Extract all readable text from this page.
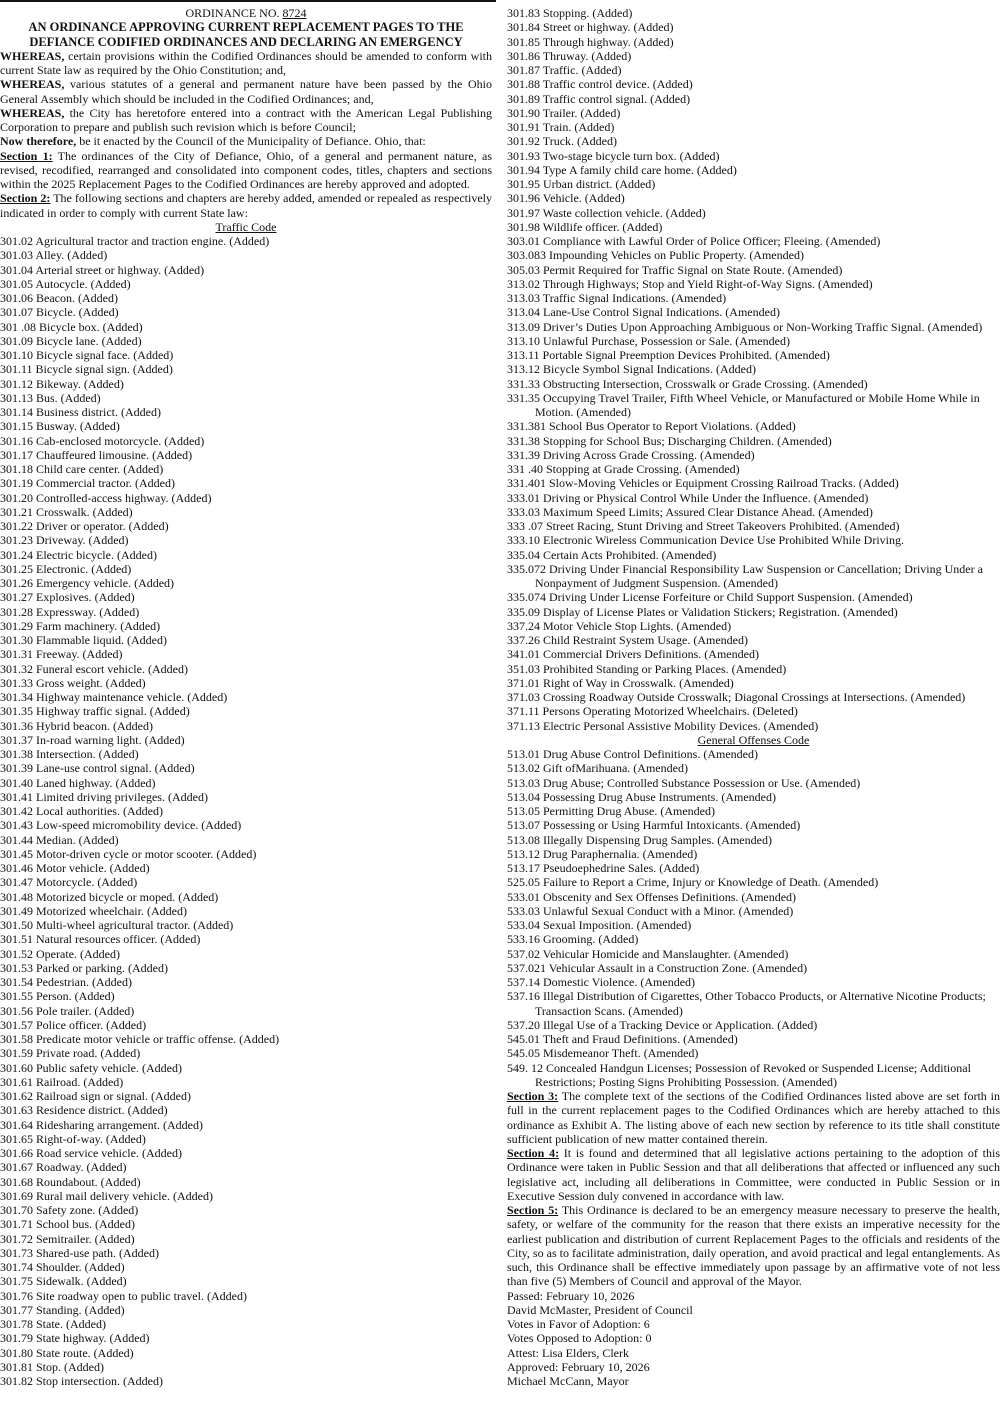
ORDINANCE NO. 8724
AN ORDINANCE APPROVING CURRENT REPLACEMENT PAGES TO THE
DEFIANCE CODIFIED ORDINANCES AND DECLARING AN EMERGENCY

WHEREAS, certain provisions within the Codified Ordinances should be amended to conform with current State law as required by the Ohio Constitution; and,

WHEREAS, various statutes of a general and permanent nature have been passed by the Ohio General Assembly which should be included in the Codified Ordinances; and,

WHEREAS, the City has heretofore entered into a contract with the American Legal Publishing Corporation to prepare and publish such revision which is before Council;

Now therefore, be it enacted by the Council of the Municipality of Defiance. Ohio, that:

Section 1: The ordinances of the City of Defiance, Ohio, of a general and permanent nature, as revised, recodified, rearranged and consolidated into component codes, titles, chapters and sections within the 2025 Replacement Pages to the Codified Ordinances are hereby approved and adopted.

Section 2: The following sections and chapters are hereby added, amended or repealed as respectively indicated in order to comply with current State law:

Traffic Code
301.02 Agricultural tractor and traction engine. (Added)
301.03 Alley. (Added)
301.04 Arterial street or highway. (Added)
301.05 Autocycle. (Added)
301.06 Beacon. (Added)
301.07 Bicycle. (Added)
301 .08 Bicycle box. (Added)
301.09 Bicycle lane. (Added)
301.10 Bicycle signal face. (Added)
301.11 Bicycle signal sign. (Added)
301.12 Bikeway. (Added)
301.13 Bus. (Added)
301.14 Business district. (Added)
301.15 Busway. (Added)
301.16 Cab-enclosed motorcycle. (Added)
301.17 Chauffeured limousine. (Added)
301.18 Child care center. (Added)
301.19 Commercial tractor. (Added)
301.20 Controlled-access highway. (Added)
301.21 Crosswalk. (Added)
301.22 Driver or operator. (Added)
301.23 Driveway. (Added)
301.24 Electric bicycle. (Added)
301.25 Electronic. (Added)
301.26 Emergency vehicle. (Added)
301.27 Explosives. (Added)
301.28 Expressway. (Added)
301.29 Farm machinery. (Added)
301.30 Flammable liquid. (Added)
301.31 Freeway. (Added)
301.32 Funeral escort vehicle. (Added)
301.33 Gross weight. (Added)
301.34 Highway maintenance vehicle. (Added)
301.35 Highway traffic signal. (Added)
301.36 Hybrid beacon. (Added)
301.37 In-road warning light. (Added)
301.38 Intersection. (Added)
301.39 Lane-use control signal. (Added)
301.40 Laned highway. (Added)
301.41 Limited driving privileges. (Added)
301.42 Local authorities. (Added)
301.43 Low-speed micromobility device. (Added)
301.44 Median. (Added)
301.45 Motor-driven cycle or motor scooter. (Added)
301.46 Motor vehicle. (Added)
301.47 Motorcycle. (Added)
301.48 Motorized bicycle or moped. (Added)
301.49 Motorized wheelchair. (Added)
301.50 Multi-wheel agricultural tractor. (Added)
301.51 Natural resources officer. (Added)
301.52 Operate. (Added)
301.53 Parked or parking. (Added)
301.54 Pedestrian. (Added)
301.55 Person. (Added)
301.56 Pole trailer. (Added)
301.57 Police officer. (Added)
301.58 Predicate motor vehicle or traffic offense. (Added)
301.59 Private road. (Added)
301.60 Public safety vehicle. (Added)
301.61 Railroad. (Added)
301.62 Railroad sign or signal. (Added)
301.63 Residence district. (Added)
301.64 Ridesharing arrangement. (Added)
301.65 Right-of-way. (Added)
301.66 Road service vehicle. (Added)
301.67 Roadway. (Added)
301.68 Roundabout. (Added)
301.69 Rural mail delivery vehicle. (Added)
301.70 Safety zone. (Added)
301.71 School bus. (Added)
301.72 Semitrailer. (Added)
301.73 Shared-use path. (Added)
301.74 Shoulder. (Added)
301.75 Sidewalk. (Added)
301.76 Site roadway open to public travel. (Added)
301.77 Standing. (Added)
301.78 State. (Added)
301.79 State highway. (Added)
301.80 State route. (Added)
301.81 Stop. (Added)
301.82 Stop intersection. (Added)
301.83 Stopping. (Added)
301.84 Street or highway. (Added)
301.85 Through highway. (Added)
301.86 Thruway. (Added)
301.87 Traffic. (Added)
301.88 Traffic control device. (Added)
301.89 Traffic control signal. (Added)
301.90 Trailer. (Added)
301.91 Train. (Added)
301.92 Truck. (Added)
301.93 Two-stage bicycle turn box. (Added)
301.94 Type A family child care home. (Added)
301.95 Urban district. (Added)
301.96 Vehicle. (Added)
301.97 Waste collection vehicle. (Added)
301.98 Wildlife officer. (Added)
303.01 Compliance with Lawful Order of Police Officer; Fleeing. (Amended)
303.083 Impounding Vehicles on Public Property. (Amended)
305.03 Permit Required for Traffic Signal on State Route. (Amended)
313.02 Through Highways; Stop and Yield Right-of-Way Signs. (Amended)
313.03 Traffic Signal Indications. (Amended)
313.04 Lane-Use Control Signal Indications. (Amended)
313.09 Driver’s Duties Upon Approaching Ambiguous or Non-Working Traffic Signal. (Amended)
313.10 Unlawful Purchase, Possession or Sale. (Amended)
313.11 Portable Signal Preemption Devices Prohibited. (Amended)
313.12 Bicycle Symbol Signal Indications. (Added)
331.33 Obstructing Intersection, Crosswalk or Grade Crossing. (Amended)
331.35 Occupying Travel Trailer, Fifth Wheel Vehicle, or Manufactured or Mobile Home While in Motion. (Amended)
331.381 School Bus Operator to Report Violations. (Added)
331.38 Stopping for School Bus; Discharging Children. (Amended)
331.39 Driving Across Grade Crossing. (Amended)
331 .40 Stopping at Grade Crossing. (Amended)
331.401 Slow-Moving Vehicles or Equipment Crossing Railroad Tracks. (Added)
333.01 Driving or Physical Control While Under the Influence. (Amended)
333.03 Maximum Speed Limits; Assured Clear Distance Ahead. (Amended)
333 .07 Street Racing, Stunt Driving and Street Takeovers Prohibited. (Amended)
333.10 Electronic Wireless Communication Device Use Prohibited While Driving.
335.04 Certain Acts Prohibited. (Amended)
335.072 Driving Under Financial Responsibility Law Suspension or Cancellation; Driving Under a Nonpayment of Judgment Suspension. (Amended)
335.074 Driving Under License Forfeiture or Child Support Suspension. (Amended)
335.09 Display of License Plates or Validation Stickers; Registration. (Amended)
337.24 Motor Vehicle Stop Lights. (Amended)
337.26 Child Restraint System Usage. (Amended)
341.01 Commercial Drivers Definitions. (Amended)
351.03 Prohibited Standing or Parking Places. (Amended)
371.01 Right of Way in Crosswalk. (Amended)
371.03 Crossing Roadway Outside Crosswalk; Diagonal Crossings at Intersections. (Amended)
371.11 Persons Operating Motorized Wheelchairs. (Deleted)
371.13 Electric Personal Assistive Mobility Devices. (Amended)
General Offenses Code
513.01 Drug Abuse Control Definitions. (Amended)
513.02 Gift ofMarihuana. (Amended)
513.03 Drug Abuse; Controlled Substance Possession or Use. (Amended)
513.04 Possessing Drug Abuse Instruments. (Amended)
513.05 Permitting Drug Abuse. (Amended)
513.07 Possessing or Using Harmful Intoxicants. (Amended)
513.08 Illegally Dispensing Drug Samples. (Amended)
513.12 Drug Paraphernalia. (Amended)
513.17 Pseudoephedrine Sales. (Added)
525.05 Failure to Report a Crime, Injury or Knowledge of Death. (Amended)
533.01 Obscenity and Sex Offenses Definitions. (Amended)
533.03 Unlawful Sexual Conduct with a Minor. (Amended)
533.04 Sexual Imposition. (Amended)
533.16 Grooming. (Added)
537.02 Vehicular Homicide and Manslaughter. (Amended)
537.021 Vehicular Assault in a Construction Zone. (Amended)
537.14 Domestic Violence. (Amended)
537.16 Illegal Distribution of Cigarettes, Other Tobacco Products, or Alternative Nicotine Products; Transaction Scans. (Amended)
537.20 Illegal Use of a Tracking Device or Application. (Added)
545.01 Theft and Fraud Definitions. (Amended)
545.05 Misdemeanor Theft. (Amended)
549. 12 Concealed Handgun Licenses; Possession of Revoked or Suspended License; Additional Restrictions; Posting Signs Prohibiting Possession. (Amended)

Section 3: The complete text of the sections of the Codified Ordinances listed above are set forth in full in the current replacement pages to the Codified Ordinances which are hereby attached to this ordinance as Exhibit A. The listing above of each new section by reference to its title shall constitute sufficient publication of new matter contained therein.

Section 4: It is found and determined that all legislative actions pertaining to the adoption of this Ordinance were taken in Public Session and that all deliberations that affected or influenced any such legislative act, including all deliberations in Committee, were conducted in Public Session or in Executive Session duly convened in accordance with law.

Section 5: This Ordinance is declared to be an emergency measure necessary to preserve the health, safety, or welfare of the community for the reason that there exists an imperative necessity for the earliest publication and distribution of current Replacement Pages to the officials and residents of the City, so as to facilitate administration, daily operation, and avoid practical and legal entanglements. As such, this Ordinance shall be effective immediately upon passage by an affirmative vote of not less than five (5) Members of Council and approval of the Mayor.

Passed: February 10, 2026
David McMaster, President of Council
Votes in Favor of Adoption: 6
Votes Opposed to Adoption: 0
Attest: Lisa Elders, Clerk
Approved: February 10, 2026
Michael McCann, Mayor
